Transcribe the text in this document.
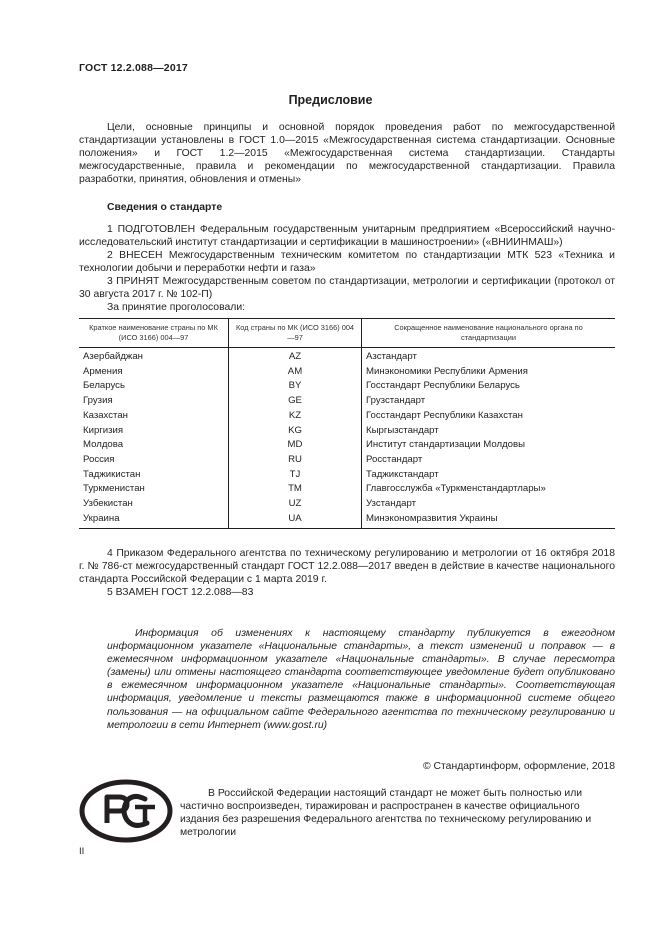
ГОСТ 12.2.088—2017
Предисловие

Цели, основные принципы и основной порядок проведения работ по межгосударственной стандартизации установлены в ГОСТ 1.0—2015 «Межгосударственная система стандартизации. Основные положения» и ГОСТ 1.2—2015 «Межгосударственная система стандартизации. Стандарты межгосударственные, правила и рекомендации по межгосударственной стандартизации. Правила разработки, принятия, обновления и отмены»

Сведения о стандарте

1 ПОДГОТОВЛЕН Федеральным государственным унитарным предприятием «Всероссийский научно-исследовательский институт стандартизации и сертификации в машиностроении» («ВНИИНМАШ»)

2 ВНЕСЕН Межгосударственным техническим комитетом по стандартизации МТК 523 «Техника и технологии добычи и переработки нефти и газа»

3 ПРИНЯТ Межгосударственным советом по стандартизации, метрологии и сертификации (протокол от 30 августа 2017 г. № 102-П)

За принятие проголосовали:

Краткое наименование страны по МК (ИСО 3166) 004—97	Код страны по МК (ИСО 3166) 004—97	Сокращенное наименование национального органа по стандартизации
Азербайджан	AZ	Азстандарт
Армения	AM	Минэкономики Республики Армения
Беларусь	BY	Госстандарт Республики Беларусь
Грузия	GE	Грузстандарт
Казахстан	KZ	Госстандарт Республики Казахстан
Киргизия	KG	Кыргызстандарт
Молдова	MD	Институт стандартизации Молдовы
Россия	RU	Росстандарт
Таджикистан	TJ	Таджикстандарт
Туркменистан	TM	Главгосслужба «Туркменстандартлары»
Узбекистан	UZ	Узстандарт
Украина	UA	Минэкономразвития Украины

4 Приказом Федерального агентства по техническому регулированию и метрологии от 16 октября 2018 г. № 786-ст межгосударственный стандарт ГОСТ 12.2.088—2017 введен в действие в качестве национального стандарта Российской Федерации с 1 марта 2019 г.

5 ВЗАМЕН ГОСТ 12.2.088—83

Информация об изменениях к настоящему стандарту публикуется в ежегодном информационном указателе «Национальные стандарты», а текст изменений и поправок — в ежемесячном информационном указателе «Национальные стандарты». В случае пересмотра (замены) или отмены настоящего стандарта соответствующее уведомление будет опубликовано в ежемесячном информационном указателе «Национальные стандарты». Соответствующая информация, уведомление и тексты размещаются также в информационной системе общего пользования — на официальном сайте Федерального агентства по техническому регулированию и метрологии в сети Интернет (www.gost.ru)

© Стандартинформ, оформление, 2018

В Российской Федерации настоящий стандарт не может быть полностью или частично воспроизведен, тиражирован и распространен в качестве официального издания без разрешения Федерального агентства по техническому регулированию и метрологии

II
